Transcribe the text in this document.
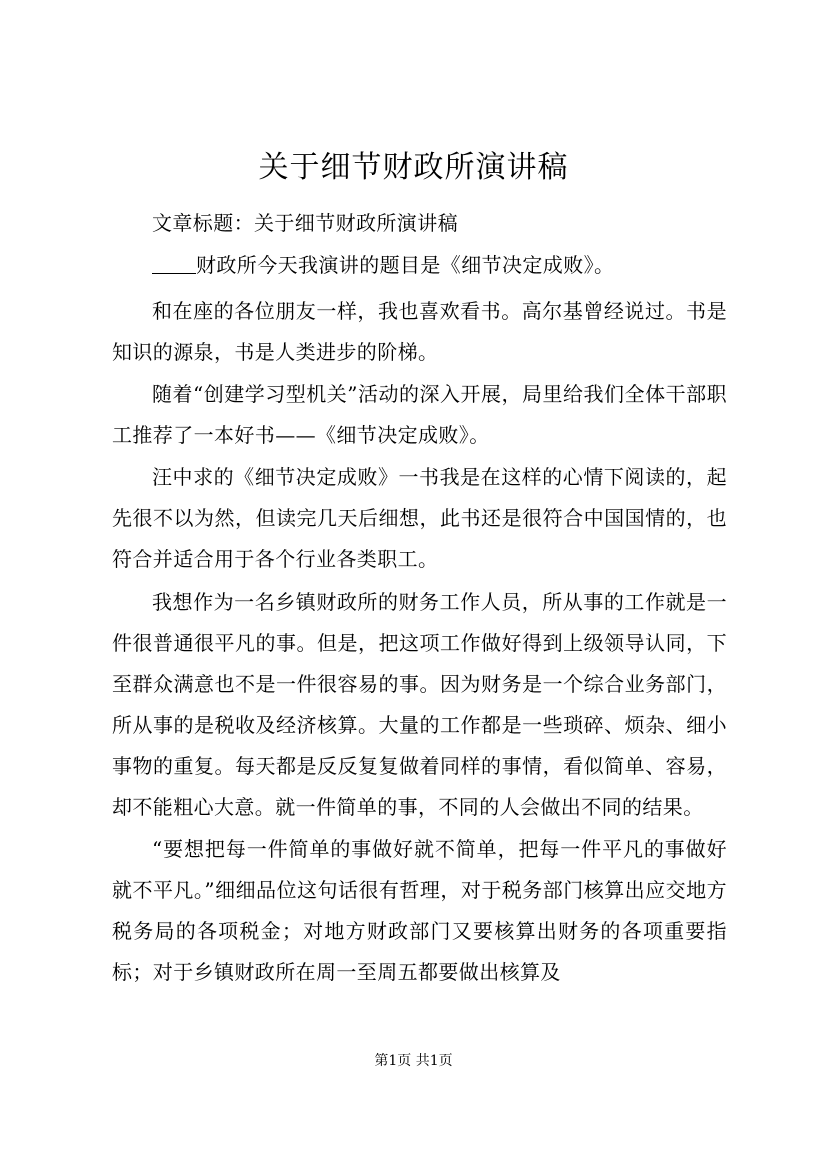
关于细节财政所演讲稿

文章标题：关于细节财政所演讲稿

财政所今天我演讲的题目是《细节决定成败》。

和在座的各位朋友一样，我也喜欢看书。高尔基曾经说过。书是知识的源泉，书是人类进步的阶梯。

随着“创建学习型机关”活动的深入开展，局里给我们全体干部职工推荐了一本好书——《细节决定成败》。

汪中求的《细节决定成败》一书我是在这样的心情下阅读的，起先很不以为然，但读完几天后细想，此书还是很符合中国国情的，也符合并适合用于各个行业各类职工。

我想作为一名乡镇财政所的财务工作人员，所从事的工作就是一件很普通很平凡的事。但是，把这项工作做好得到上级领导认同，下至群众满意也不是一件很容易的事。因为财务是一个综合业务部门，所从事的是税收及经济核算。大量的工作都是一些琐碎、烦杂、细小事物的重复。每天都是反反复复做着同样的事情，看似简单、容易，却不能粗心大意。就一件简单的事，不同的人会做出不同的结果。

“要想把每一件简单的事做好就不简单，把每一件平凡的事做好就不平凡。”细细品位这句话很有哲理，对于税务部门核算出应交地方税务局的各项税金；对地方财政部门又要核算出财务的各项重要指标；对于乡镇财政所在周一至周五都要做出核算及

第1页 共1页
